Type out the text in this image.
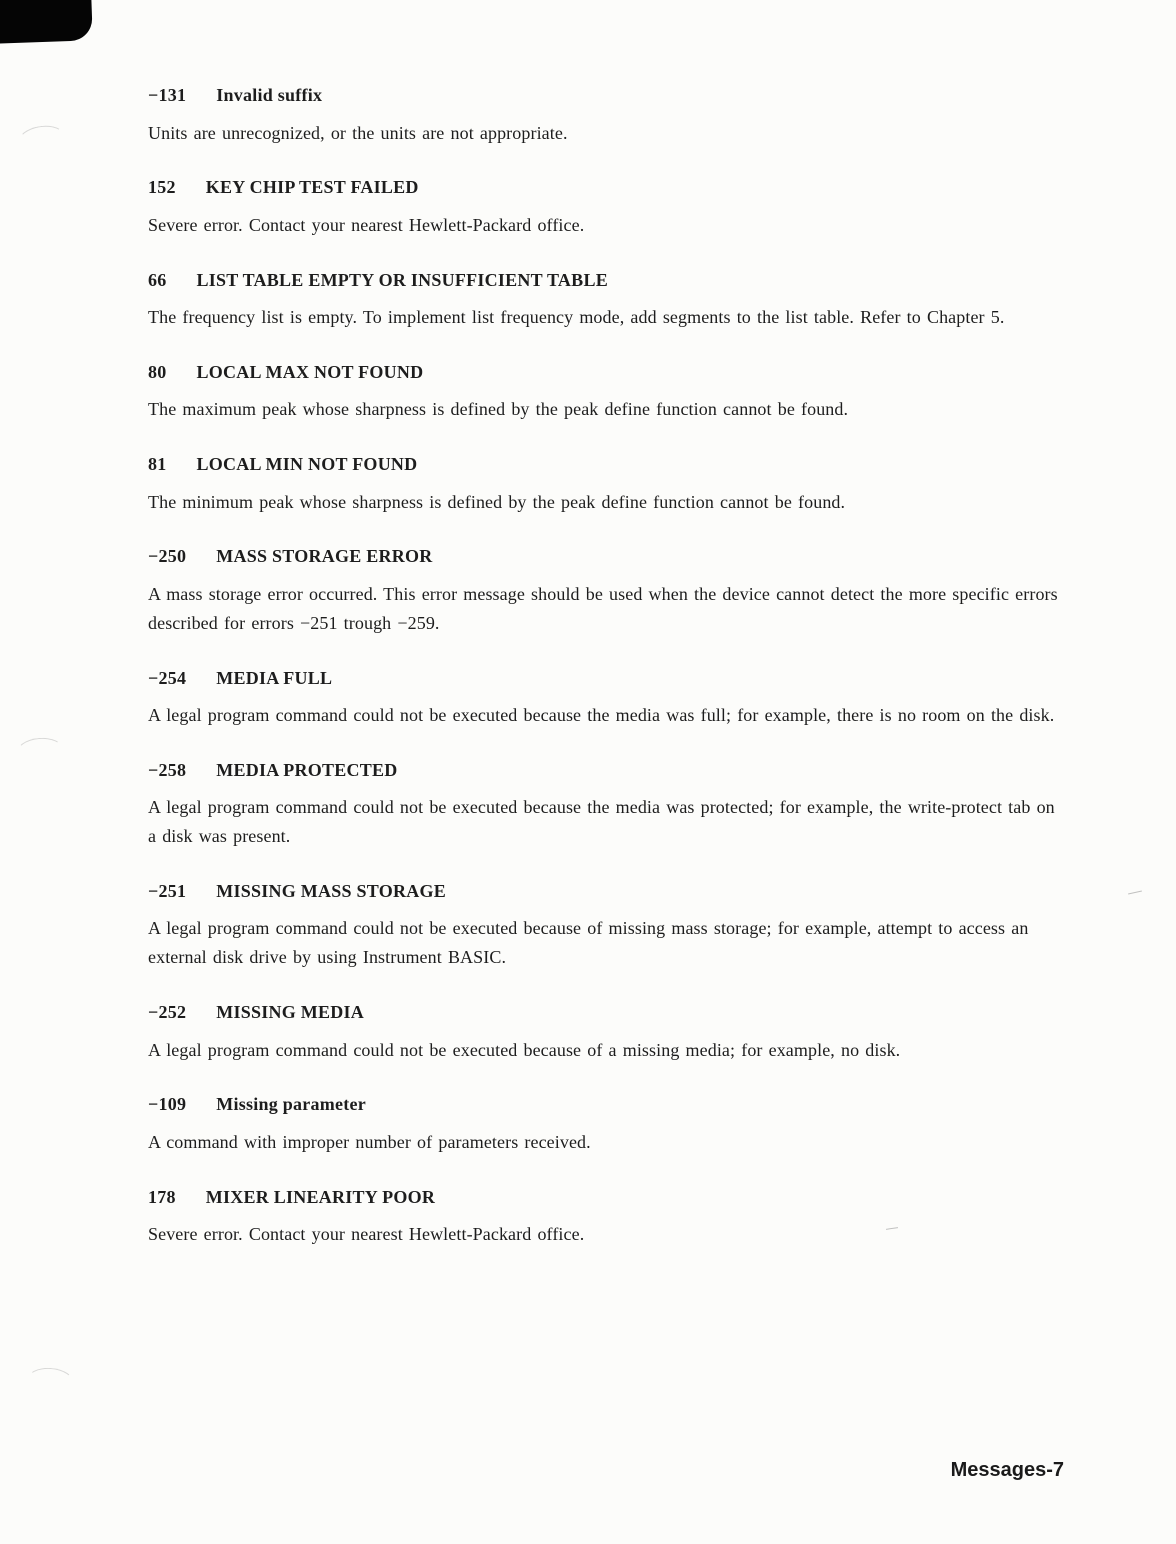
−131 Invalid suffix

Units are unrecognized, or the units are not appropriate.

152 KEY CHIP TEST FAILED

Severe error. Contact your nearest Hewlett-Packard office.

66 LIST TABLE EMPTY OR INSUFFICIENT TABLE

The frequency list is empty. To implement list frequency mode, add segments to the list table. Refer to Chapter 5.

80 LOCAL MAX NOT FOUND

The maximum peak whose sharpness is defined by the peak define function cannot be found.

81 LOCAL MIN NOT FOUND

The minimum peak whose sharpness is defined by the peak define function cannot be found.

−250 MASS STORAGE ERROR

A mass storage error occurred. This error message should be used when the device cannot detect the more specific errors described for errors −251 trough −259.

−254 MEDIA FULL

A legal program command could not be executed because the media was full; for example, there is no room on the disk.

−258 MEDIA PROTECTED

A legal program command could not be executed because the media was protected; for example, the write-protect tab on a disk was present.

−251 MISSING MASS STORAGE

A legal program command could not be executed because of missing mass storage; for example, attempt to access an external disk drive by using Instrument BASIC.

−252 MISSING MEDIA

A legal program command could not be executed because of a missing media; for example, no disk.

−109 Missing parameter

A command with improper number of parameters received.

178 MIXER LINEARITY POOR

Severe error. Contact your nearest Hewlett-Packard office.

Messages-7
